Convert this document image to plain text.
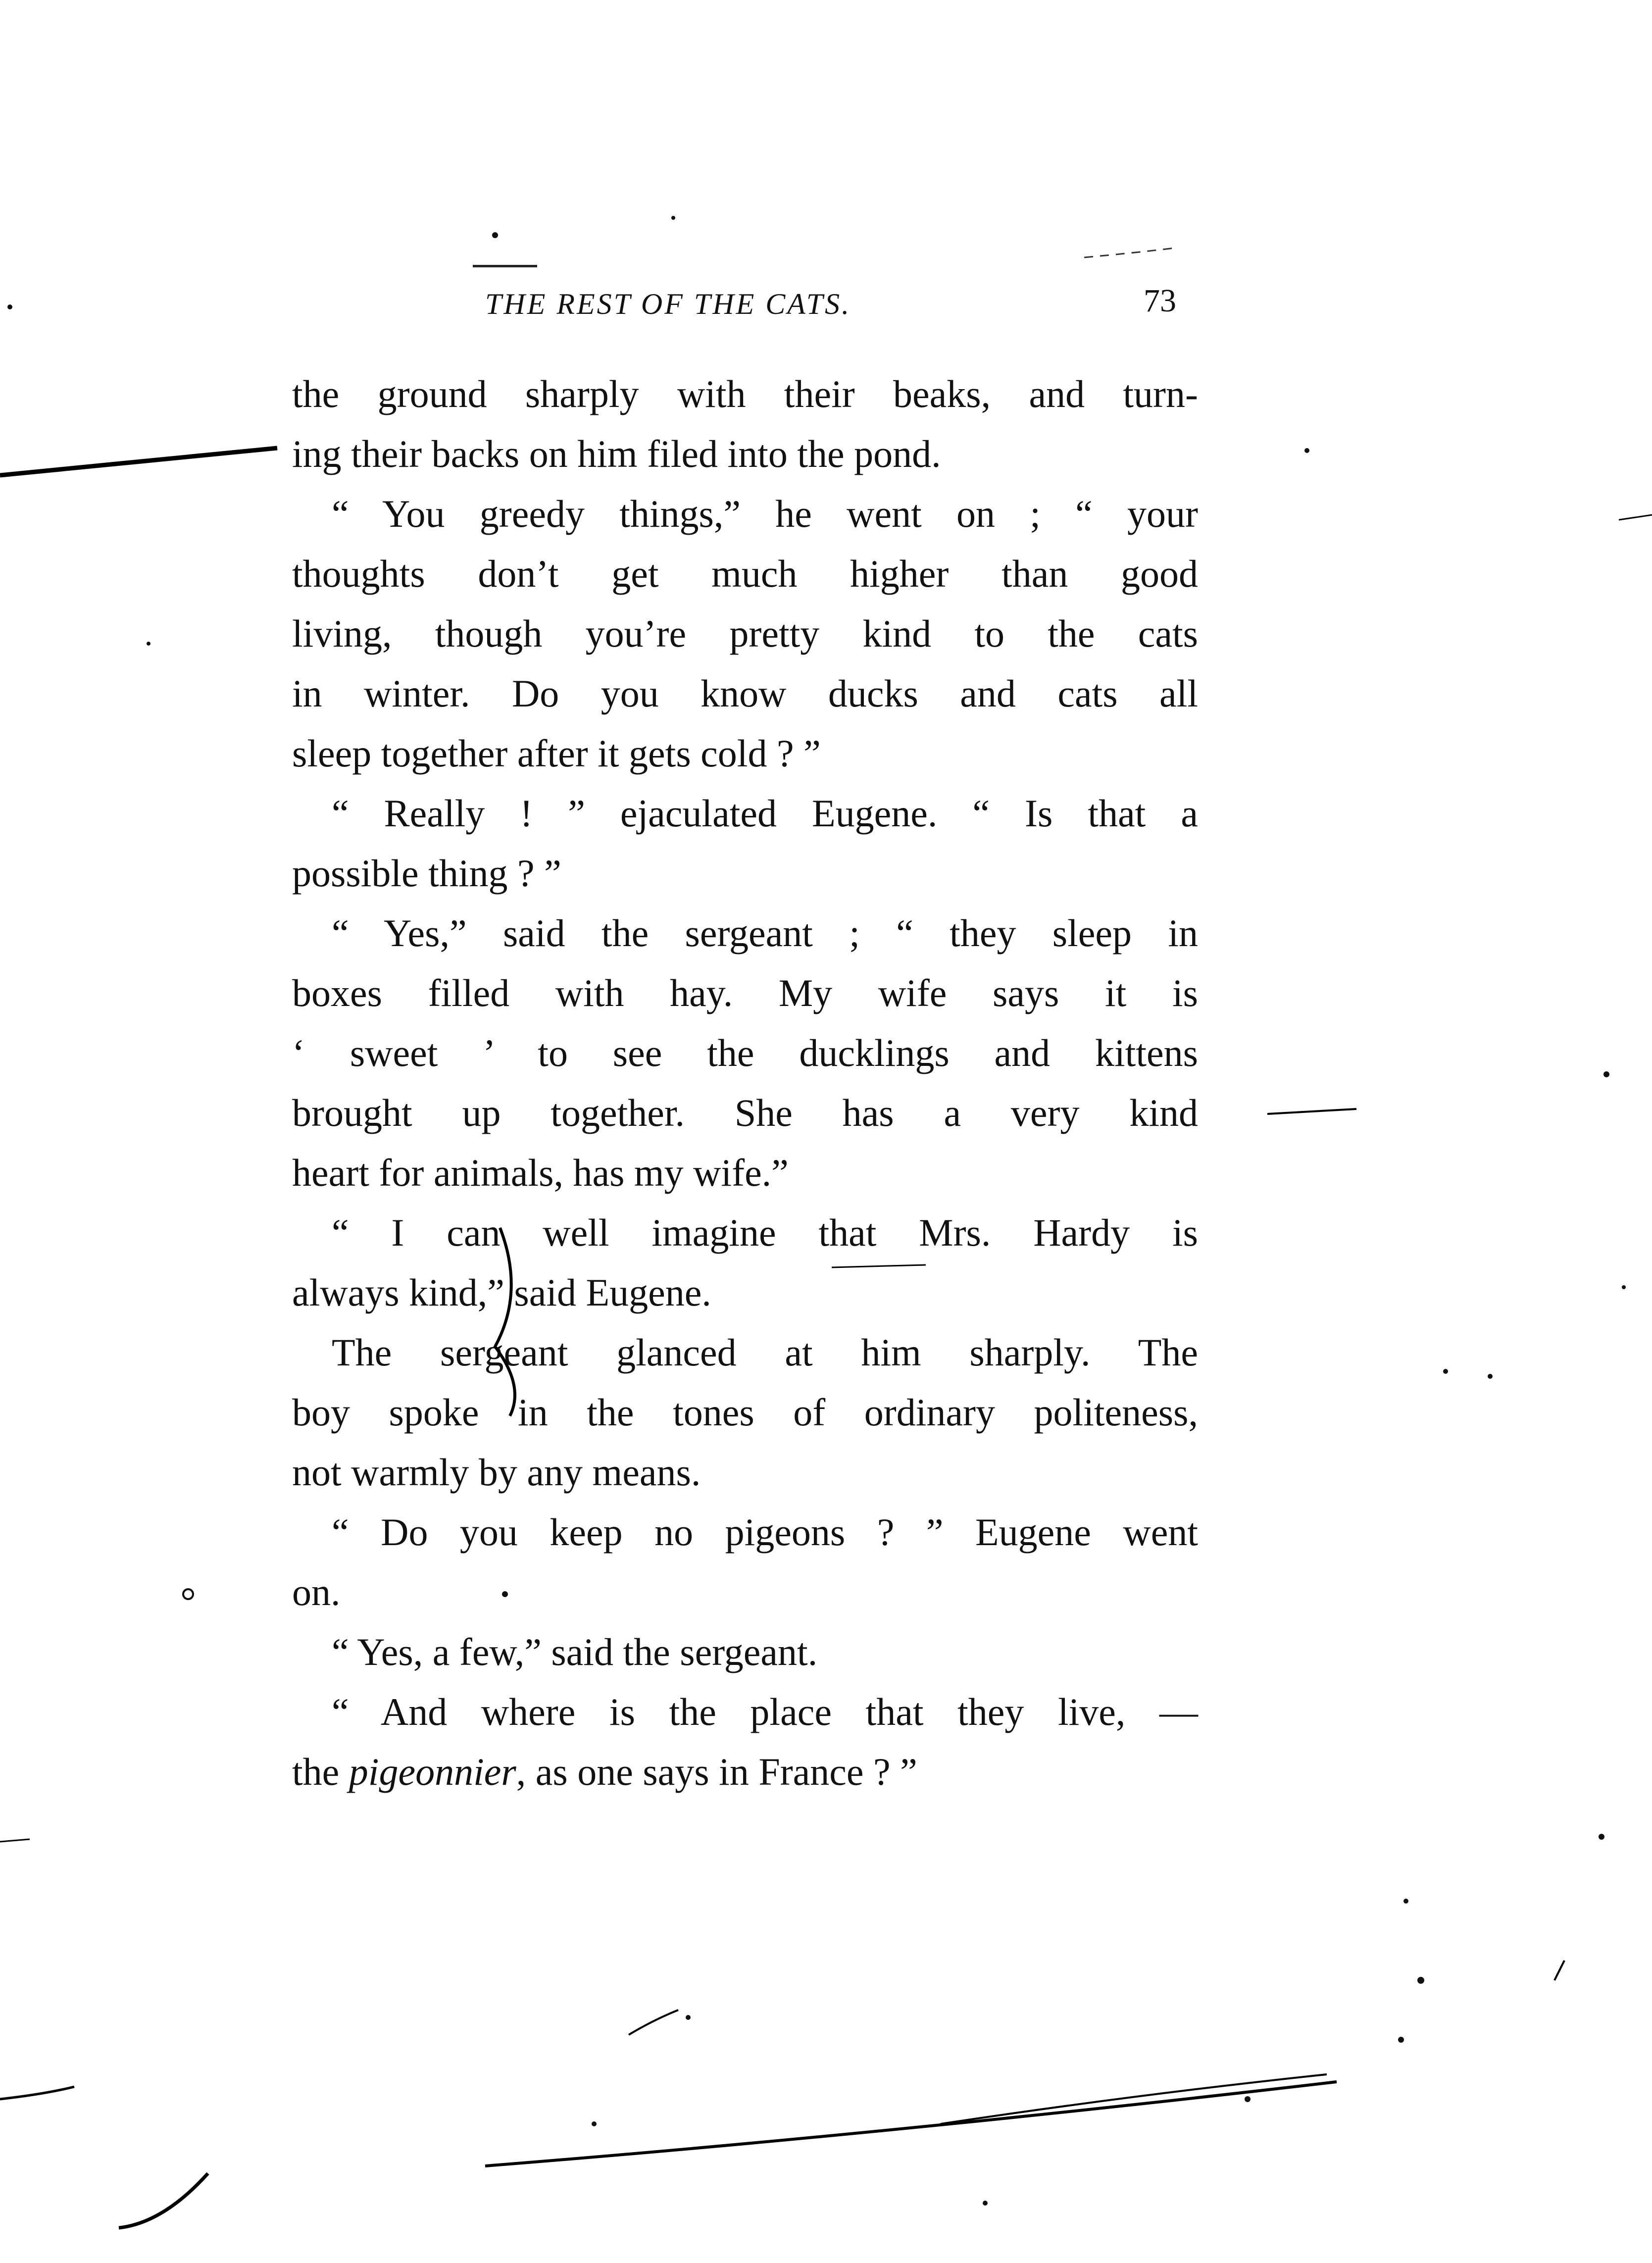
THE REST OF THE CATS.	73
the ground sharply with their beaks, and turn-
ing their backs on him filed into the pond.
“ You greedy things,” he went on ; “ your
thoughts don’t get much higher than good
living, though you’re pretty kind to the cats
in winter. Do you know ducks and cats all
sleep together after it gets cold ? ”
“ Really ! ” ejaculated Eugene. “ Is that a
possible thing ? ”
“ Yes,” said the sergeant ; “ they sleep in
boxes filled with hay. My wife says it is
‘ sweet ’ to see the ducklings and kittens
brought up together. She has a very kind
heart for animals, has my wife.”
“ I can well imagine that Mrs. Hardy is
always kind,” said Eugene.
The sergeant glanced at him sharply. The
boy spoke in the tones of ordinary politeness,
not warmly by any means.
“ Do you keep no pigeons ? ” Eugene went
on.
“ Yes, a few,” said the sergeant.
“ And where is the place that they live, —
the pigeonnier, as one says in France ? ”
